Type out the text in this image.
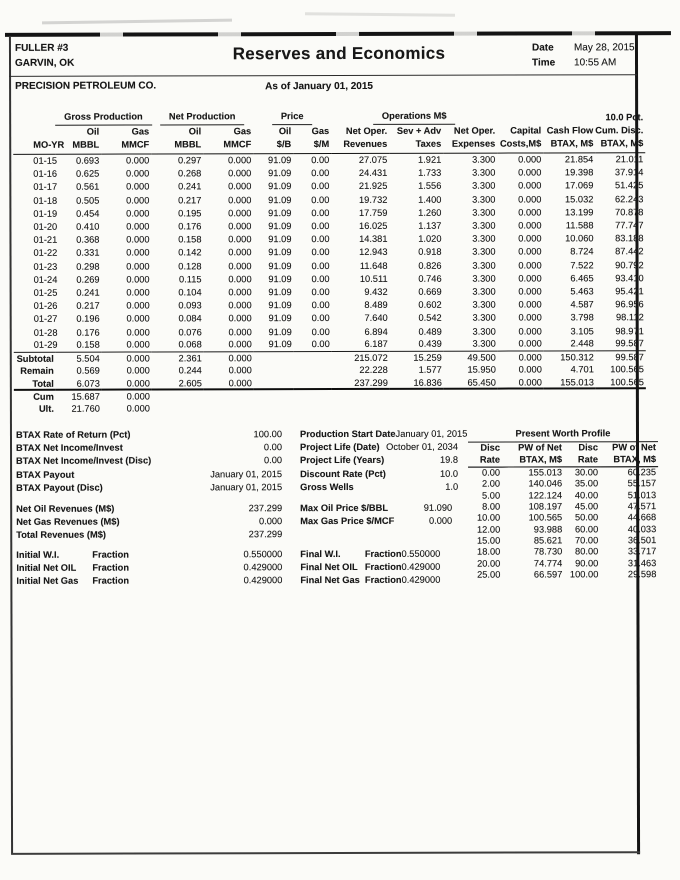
FULLER #3
GARVIN, OK	Reserves and Economics	Date	May 28, 2015
Time	10:55 AM
PRECISION PETROLEUM CO.	As of January 01, 2015
	Gross Production		Net Production		Price		Operations M$					10.0 Pct.
	Oil	Gas	Oil	Gas	Oil	Gas	Net Oper.	Sev + Adv	Net Oper.	Capital	Cash Flow	Cum. Disc.
MO-YR	MBBL	MMCF	MBBL	MMCF	$/B	$/M	Revenues	Taxes	Expenses	Costs,M$	BTAX, M$	BTAX, M$
01-15	0.693	0.000	0.297	0.000	91.09	0.00	27.075	1.921	3.300	0.000	21.854	21.011
01-16	0.625	0.000	0.268	0.000	91.09	0.00	24.431	1.733	3.300	0.000	19.398	37.914
01-17	0.561	0.000	0.241	0.000	91.09	0.00	21.925	1.556	3.300	0.000	17.069	51.425
01-18	0.505	0.000	0.217	0.000	91.09	0.00	19.732	1.400	3.300	0.000	15.032	62.243
01-19	0.454	0.000	0.195	0.000	91.09	0.00	17.759	1.260	3.300	0.000	13.199	70.878
01-20	0.410	0.000	0.176	0.000	91.09	0.00	16.025	1.137	3.300	0.000	11.588	77.747
01-21	0.368	0.000	0.158	0.000	91.09	0.00	14.381	1.020	3.300	0.000	10.060	83.188
01-22	0.331	0.000	0.142	0.000	91.09	0.00	12.943	0.918	3.300	0.000	8.724	87.442
01-23	0.298	0.000	0.128	0.000	91.09	0.00	11.648	0.826	3.300	0.000	7.522	90.792
01-24	0.269	0.000	0.115	0.000	91.09	0.00	10.511	0.746	3.300	0.000	6.465	93.410
01-25	0.241	0.000	0.104	0.000	91.09	0.00	9.432	0.669	3.300	0.000	5.463	95.421
01-26	0.217	0.000	0.093	0.000	91.09	0.00	8.489	0.602	3.300	0.000	4.587	96.956
01-27	0.196	0.000	0.084	0.000	91.09	0.00	7.640	0.542	3.300	0.000	3.798	98.112
01-28	0.176	0.000	0.076	0.000	91.09	0.00	6.894	0.489	3.300	0.000	3.105	98.971
01-29	0.158	0.000	0.068	0.000	91.09	0.00	6.187	0.439	3.300	0.000	2.448	99.587
Subtotal	5.504	0.000	2.361	0.000			215.072	15.259	49.500	0.000	150.312	99.587
Remain	0.569	0.000	0.244	0.000			22.228	1.577	15.950	0.000	4.701	100.565
Total	6.073	0.000	2.605	0.000			237.299	16.836	65.450	0.000	155.013	100.565
Cum	15.687	0.000										
Ult.	21.760	0.000										
BTAX Rate of Return (Pct)	100.00
BTAX Net Income/Invest	0.00
BTAX Net Income/Invest (Disc)	0.00
BTAX Payout	January 01, 2015
BTAX Payout (Disc)	January 01, 2015
Production Start Date January 01, 2015
Project Life (Date) October 01, 2034
Project Life (Years)	19.8
Discount Rate (Pct)	10.0
Gross Wells	1.0
Net Oil Revenues (M$)	237.299
Net Gas Revenues (M$)	0.000
Total Revenues (M$)	237.299
Max Oil Price $/BBL	91.090
Max Gas Price $/MCF	0.000
Initial W.I.	Fraction	0.550000
Initial Net OIL	Fraction	0.429000
Initial Net Gas	Fraction	0.429000
Final W.I.	Fraction 0.550000
Final Net OIL Fraction 0.429000
Final Net Gas Fraction 0.429000
Present Worth Profile
Disc	PW of Net	Disc	PW of Net
Rate	BTAX, M$	Rate	BTAX, M$
0.00	155.013	30.00	60.235
2.00	140.046	35.00	55.157
5.00	122.124	40.00	51.013
8.00	108.197	45.00	47.571
10.00	100.565	50.00	44.668
12.00	93.988	60.00	40.033
15.00	85.621	70.00	36.501
18.00	78.730	80.00	33.717
20.00	74.774	90.00	31.463
25.00	66.597	100.00	29.598
